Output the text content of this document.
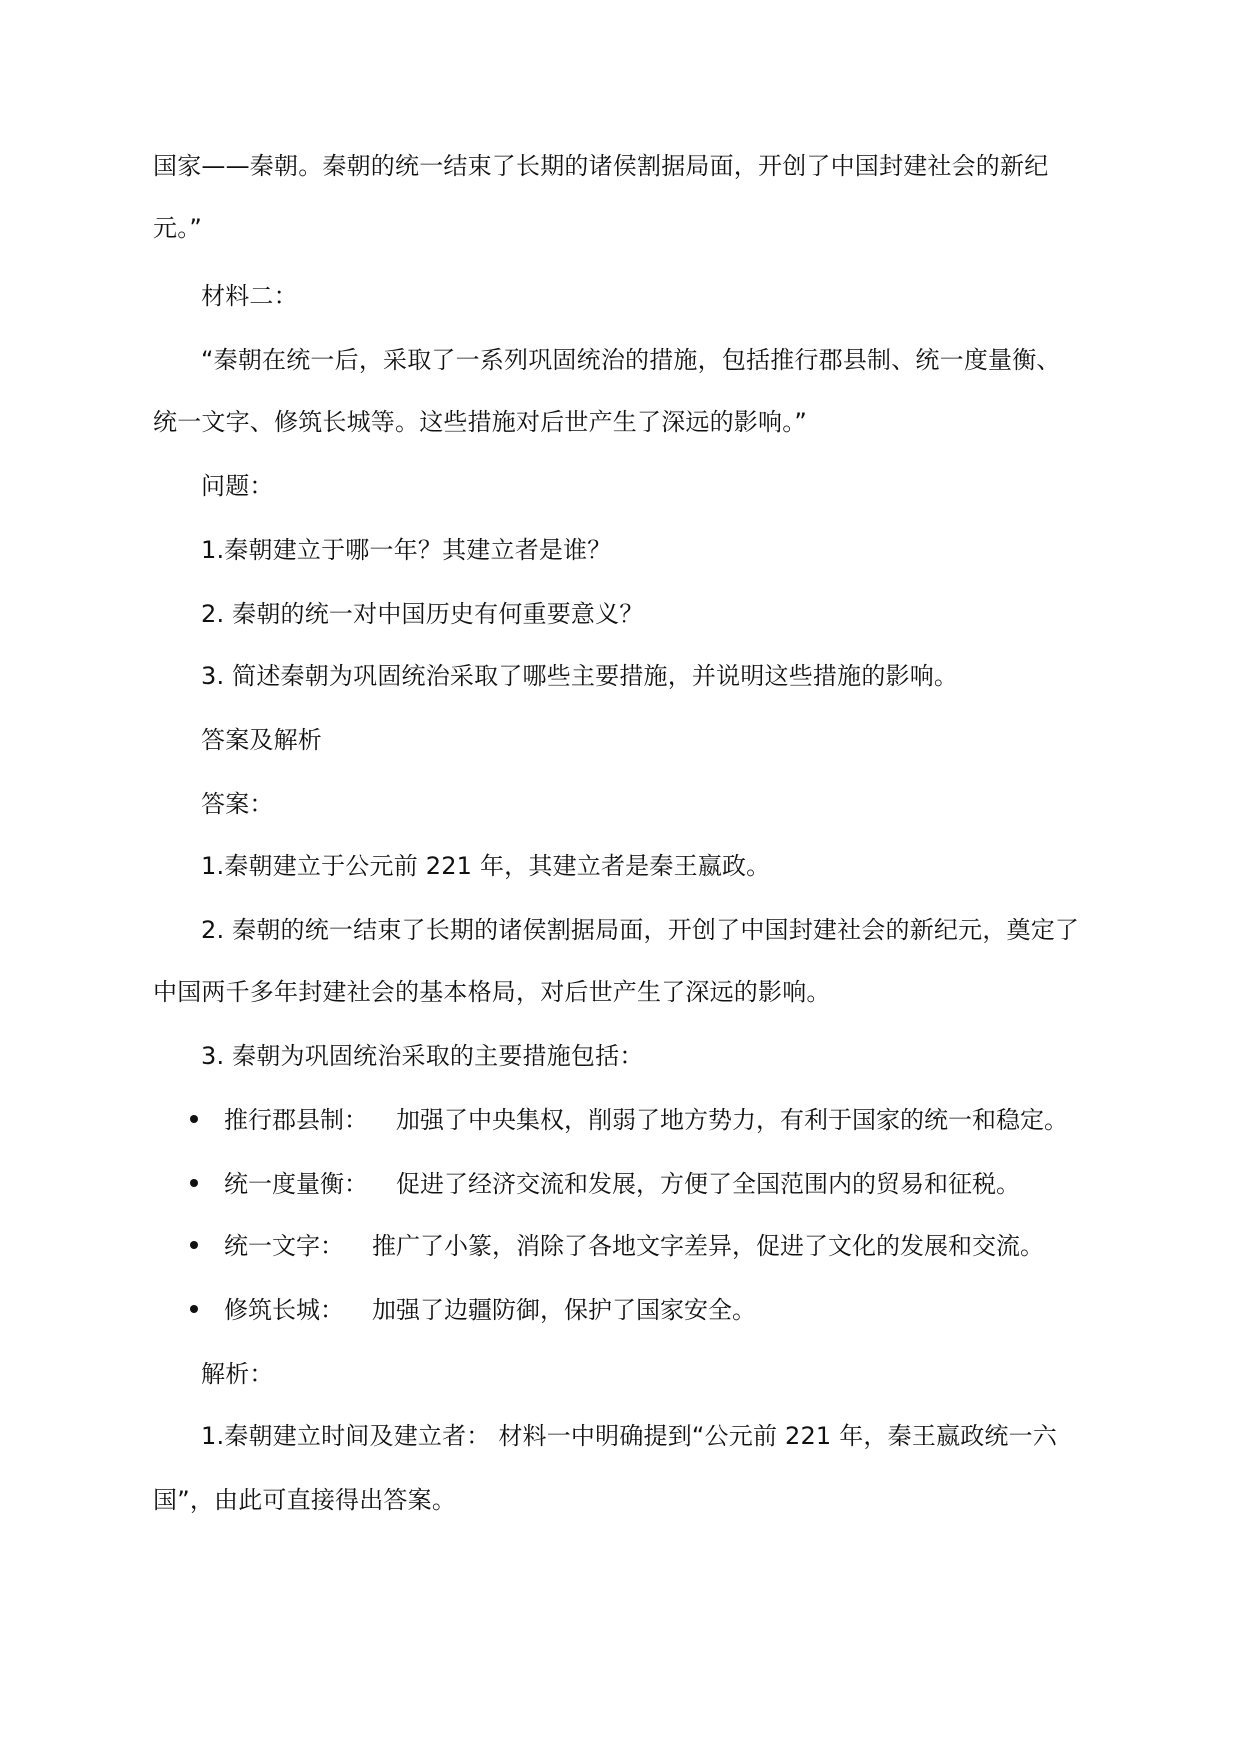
国家——秦朝。秦朝的统一结束了长期的诸侯割据局面，开创了中国封建社会的新纪
元。”
材料二：
“秦朝在统一后，采取了一系列巩固统治的措施，包括推行郡县制、统一度量衡、
统一文字、修筑长城等。这些措施对后世产生了深远的影响。”
问题：
1.秦朝建立于哪一年？其建立者是谁？
2. 秦朝的统一对中国历史有何重要意义？
3. 简述秦朝为巩固统治采取了哪些主要措施，并说明这些措施的影响。
答案及解析
答案：
1.秦朝建立于公元前 221 年，其建立者是秦王嬴政。
2. 秦朝的统一结束了长期的诸侯割据局面，开创了中国封建社会的新纪元，奠定了
中国两千多年封建社会的基本格局，对后世产生了深远的影响。
3. 秦朝为巩固统治采取的主要措施包括：
推行郡县制： 加强了中央集权，削弱了地方势力，有利于国家的统一和稳定。
统一度量衡： 促进了经济交流和发展，方便了全国范围内的贸易和征税。
统一文字： 推广了小篆，消除了各地文字差异，促进了文化的发展和交流。
修筑长城： 加强了边疆防御，保护了国家安全。
解析：
1.秦朝建立时间及建立者： 材料一中明确提到“公元前 221 年，秦王嬴政统一六
国”，由此可直接得出答案。
